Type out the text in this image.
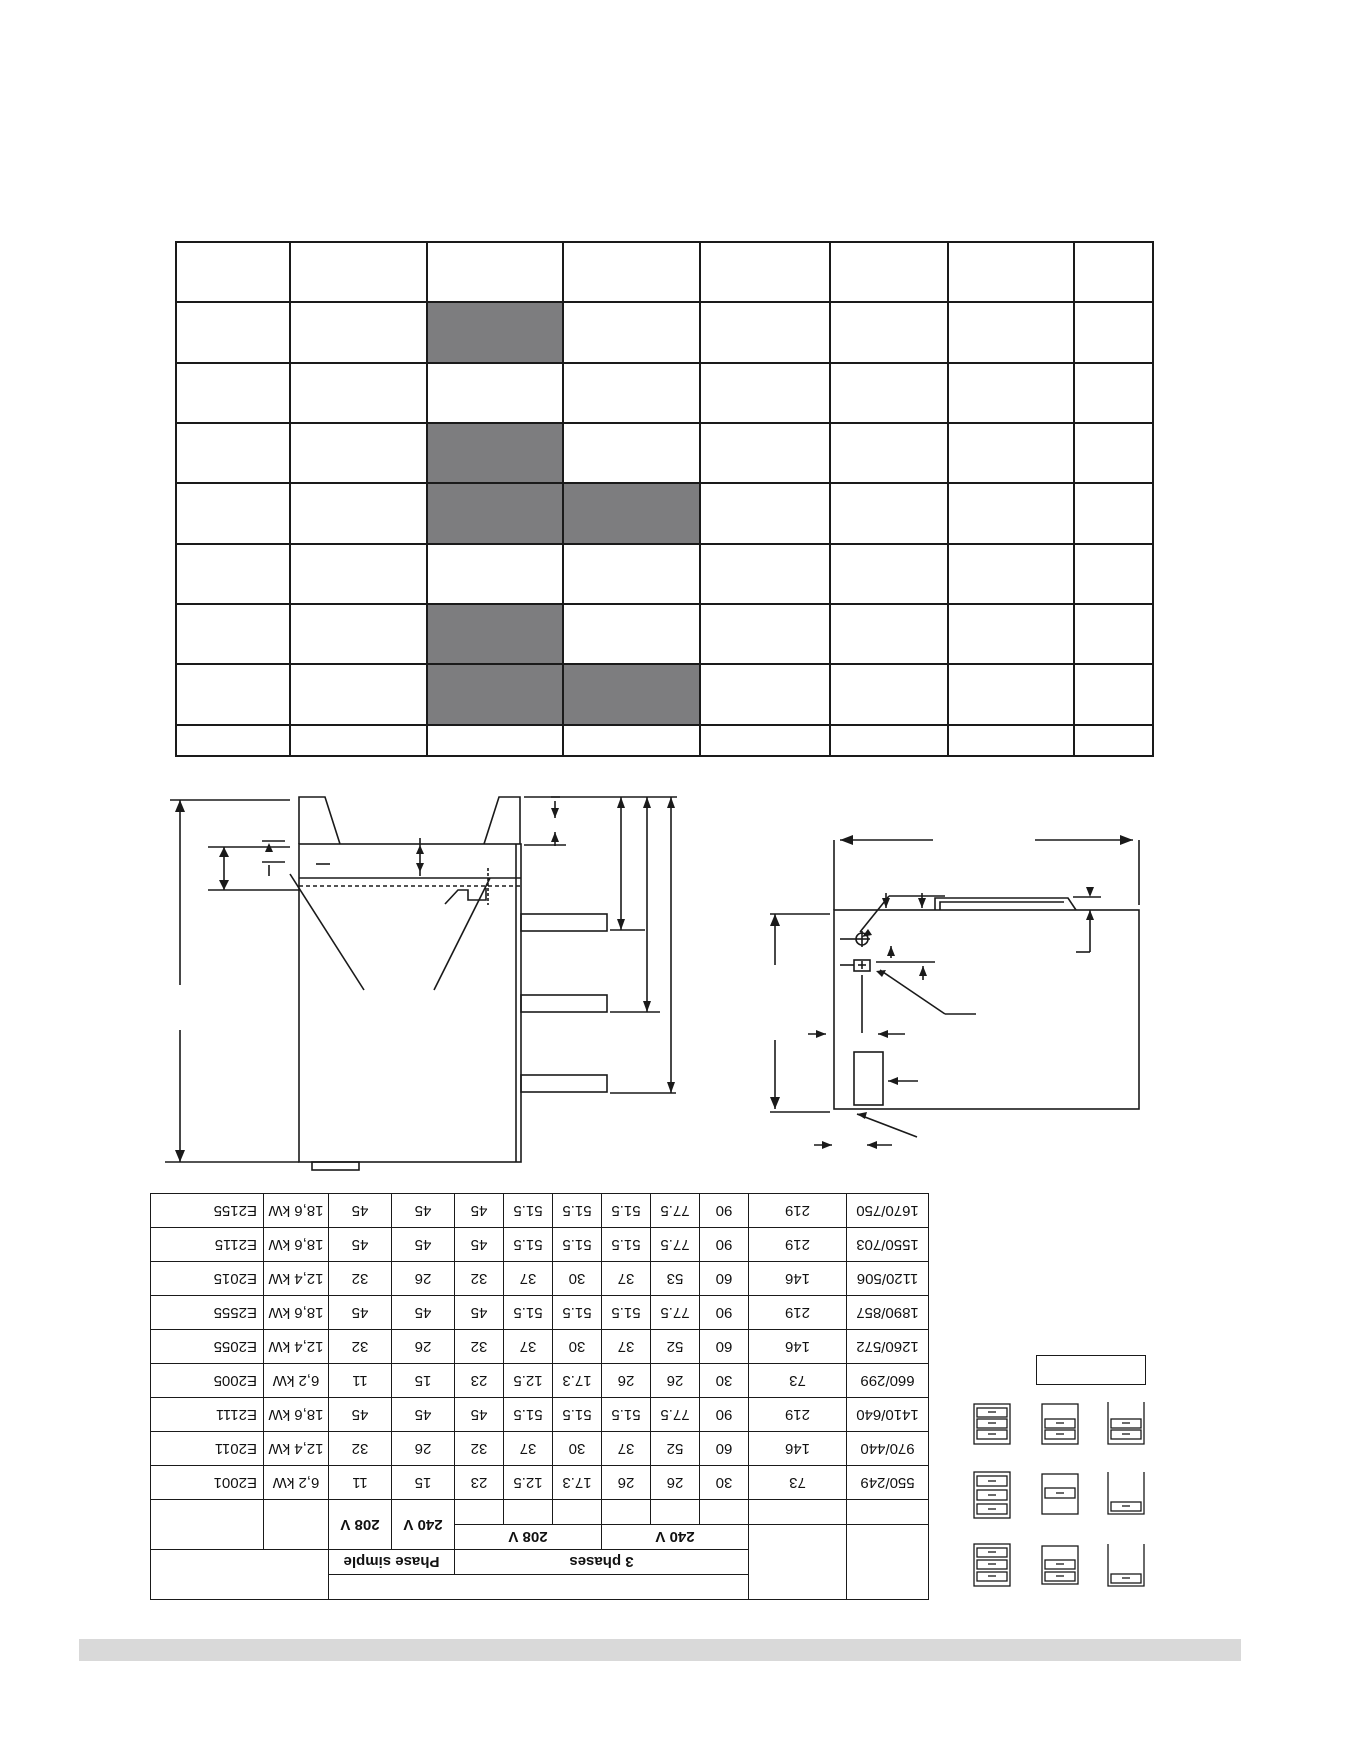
		3 phases						Phase simple			
		240 V			208 V			240 V	208 V		

550/249	73	30	26	26	17.3	12.5	23	15	11	6,2 kW	E2001
970/440	146	60	52	37	30	37	32	26	32	12,4 kW	E2011
1410/640	219	90	77.5	51.5	51.5	51.5	45	45	45	18,6 kW	E2111
660/299	73	30	26	26	17.3	12.5	23	15	11	6,2 kW	E2005
1260/572	146	60	52	37	30	37	32	26	32	12,4 kW	E2055
1890/857	219	90	77.5	51.5	51.5	51.5	45	45	45	18,6 kW	E2555
1120/506	146	60	53	37	30	37	32	26	32	12,4 kW	E2015
1550/703	219	90	77.5	51.5	51.5	51.5	45	45	45	18,6 kW	E2115
1670/750	219	90	77.5	51.5	51.5	51.5	45	45	45	18,6 kW	E2155
